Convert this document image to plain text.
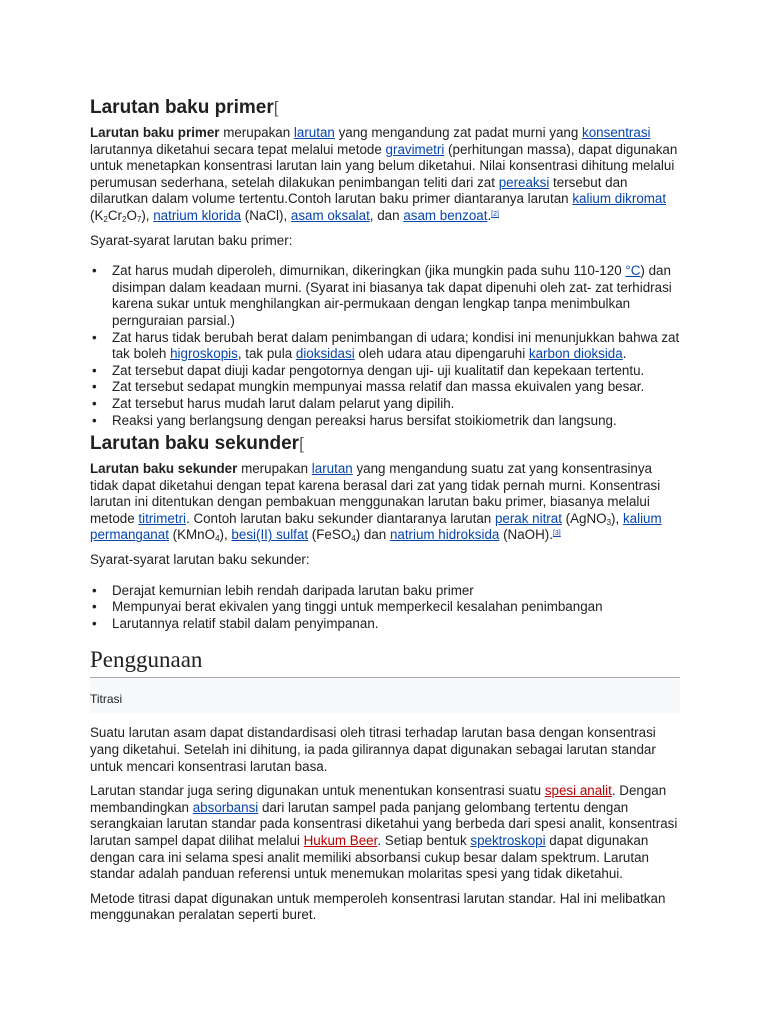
Larutan baku primer[

Larutan baku primer merupakan larutan yang mengandung zat padat murni yang konsentrasi larutannya diketahui secara tepat melalui metode gravimetri (perhitungan massa), dapat digunakan untuk menetapkan konsentrasi larutan lain yang belum diketahui. Nilai konsentrasi dihitung melalui perumusan sederhana, setelah dilakukan penimbangan teliti dari zat pereaksi tersebut dan dilarutkan dalam volume tertentu.Contoh larutan baku primer diantaranya larutan kalium dikromat $(K_2Cr_2O_7)$, natrium klorida (NaCl), asam oksalat, dan asam benzoat.[2]

Syarat-syarat larutan baku primer:

• Zat harus mudah diperoleh, dimurnikan, dikeringkan (jika mungkin pada suhu 110-120 °C) dan disimpan dalam keadaan murni. (Syarat ini biasanya tak dapat dipenuhi oleh zat- zat terhidrasi karena sukar untuk menghilangkan air-permukaan dengan lengkap tanpa menimbulkan pernguraian parsial.)
• Zat harus tidak berubah berat dalam penimbangan di udara; kondisi ini menunjukkan bahwa zat tak boleh higroskopis, tak pula dioksidasi oleh udara atau dipengaruhi karbon dioksida.
• Zat tersebut dapat diuji kadar pengotornya dengan uji- uji kualitatif dan kepekaan tertentu.
• Zat tersebut sedapat mungkin mempunyai massa relatif dan massa ekuivalen yang besar.
• Zat tersebut harus mudah larut dalam pelarut yang dipilih.
• Reaksi yang berlangsung dengan pereaksi harus bersifat stoikiometrik dan langsung.
Larutan baku sekunder[

Larutan baku sekunder merupakan larutan yang mengandung suatu zat yang konsentrasinya tidak dapat diketahui dengan tepat karena berasal dari zat yang tidak pernah murni. Konsentrasi larutan ini ditentukan dengan pembakuan menggunakan larutan baku primer, biasanya melalui metode titrimetri. Contoh larutan baku sekunder diantaranya larutan perak nitrat (AgNO$_3$), kalium permanganat (KMnO$_4$), besi(II) sulfat (FeSO$_4$) dan natrium hidroksida (NaOH).[3]

Syarat-syarat larutan baku sekunder:

• Derajat kemurnian lebih rendah daripada larutan baku primer
• Mempunyai berat ekivalen yang tinggi untuk memperkecil kesalahan penimbangan
• Larutannya relatif stabil dalam penyimpanan.
Penggunaan
Titrasi

Suatu larutan asam dapat distandardisasi oleh titrasi terhadap larutan basa dengan konsentrasi yang diketahui. Setelah ini dihitung, ia pada gilirannya dapat digunakan sebagai larutan standar untuk mencari konsentrasi larutan basa.

Larutan standar juga sering digunakan untuk menentukan konsentrasi suatu spesi analit. Dengan membandingkan absorbansi dari larutan sampel pada panjang gelombang tertentu dengan serangkaian larutan standar pada konsentrasi diketahui yang berbeda dari spesi analit, konsentrasi larutan sampel dapat dilihat melalui Hukum Beer. Setiap bentuk spektroskopi dapat digunakan dengan cara ini selama spesi analit memiliki absorbansi cukup besar dalam spektrum. Larutan standar adalah panduan referensi untuk menemukan molaritas spesi yang tidak diketahui.

Metode titrasi dapat digunakan untuk memperoleh konsentrasi larutan standar. Hal ini melibatkan menggunakan peralatan seperti buret.
